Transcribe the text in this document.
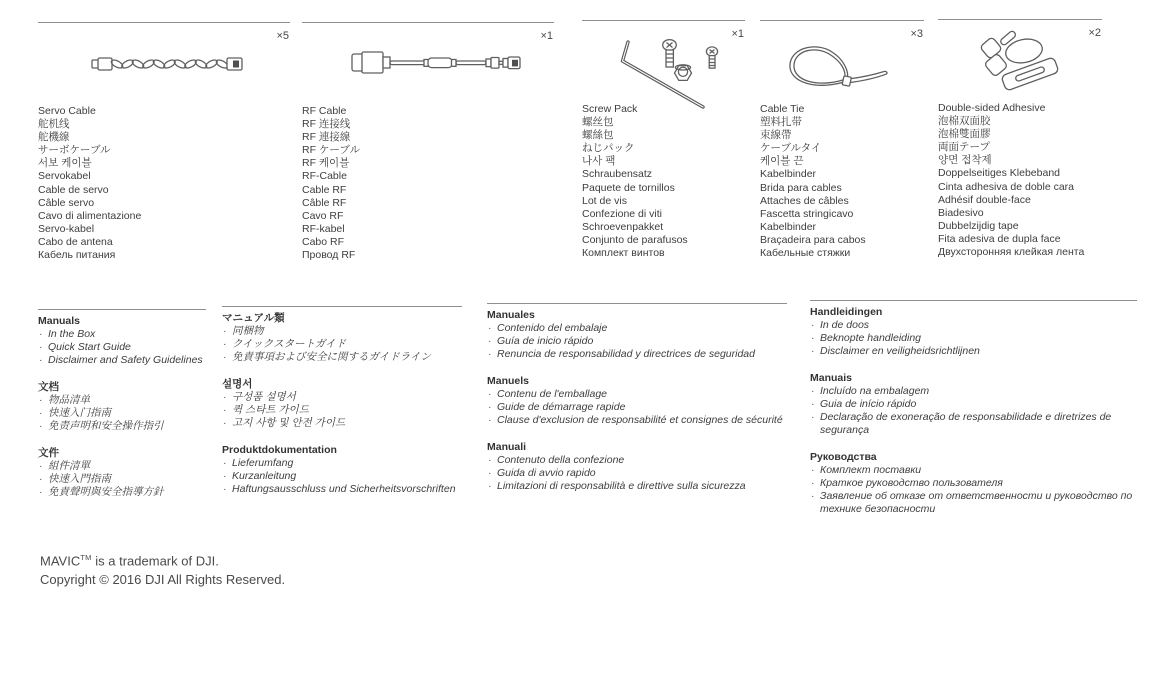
×5
Servo Cable
舵机线
舵機線
サーボケーブル
서보 케이블
Servokabel
Cable de servo
Câble servo
Cavo di alimentazione
Servo-kabel
Cabo de antena
Кабель питания
×1
RF Cable
RF 连接线
RF 連接線
RF ケーブル
RF 케이블
RF-Cable
Cable RF
Câble RF
Cavo RF
RF-kabel
Cabo RF
Провод RF
×1
Screw Pack
螺丝包
螺絲包
ねじパック
나사 팩
Schraubensatz
Paquete de tornillos
Lot de vis
Confezione di viti
Schroevenpakket
Conjunto de parafusos
Комплект винтов
×3
Cable Tie
塑料扎带
束線帶
ケーブルタイ
케이블 끈
Kabelbinder
Brida para cables
Attaches de câbles
Fascetta stringicavo
Kabelbinder
Braçadeira para cabos
Кабельные стяжки
×2
Double-sided Adhesive
泡棉双面胶
泡棉雙面膠
両面テープ
양면 접착제
Doppelseitiges Klebeband
Cinta adhesiva de doble cara
Adhésif double-face
Biadesivo
Dubbelzijdig tape
Fita adesiva de dupla face
Двухсторонняя клейкая лента
Manuals
· In the Box
· Quick Start Guide
· Disclaimer and Safety Guidelines
文档
· 物品清单
· 快速入门指南
· 免责声明和安全操作指引
文件
· 組件清單
· 快速入門指南
· 免責聲明與安全指導方針
マニュアル類
· 同梱物
· クイックスタートガイド
· 免責事項および安全に関するガイドライン
설명서
· 구성품 설명서
· 퀵 스타트 가이드
· 고지 사항 및 안전 가이드
Produktdokumentation
· Lieferumfang
· Kurzanleitung
· Haftungsausschluss und Sicherheitsvorschriften
Manuales
· Contenido del embalaje
· Guía de inicio rápido
· Renuncia de responsabilidad y directrices de seguridad
Manuels
· Contenu de l'emballage
· Guide de démarrage rapide
· Clause d'exclusion de responsabilité et consignes de sécurité
Manuali
· Contenuto della confezione
· Guida di avvio rapido
· Limitazioni di responsabilità e direttive sulla sicurezza
Handleidingen
· In de doos
· Beknopte handleiding
· Disclaimer en veiligheidsrichtlijnen
Manuais
· Incluído na embalagem
· Guia de início rápido
· Declaração de exoneração de responsabilidade e diretrizes de segurança
Руководства
· Комплект поставки
· Краткое руководство пользователя
· Заявление об отказе от ответственности и руководство по технике безопасности

MAVIC™ is a trademark of DJI.

Copyright © 2016 DJI All Rights Reserved.
